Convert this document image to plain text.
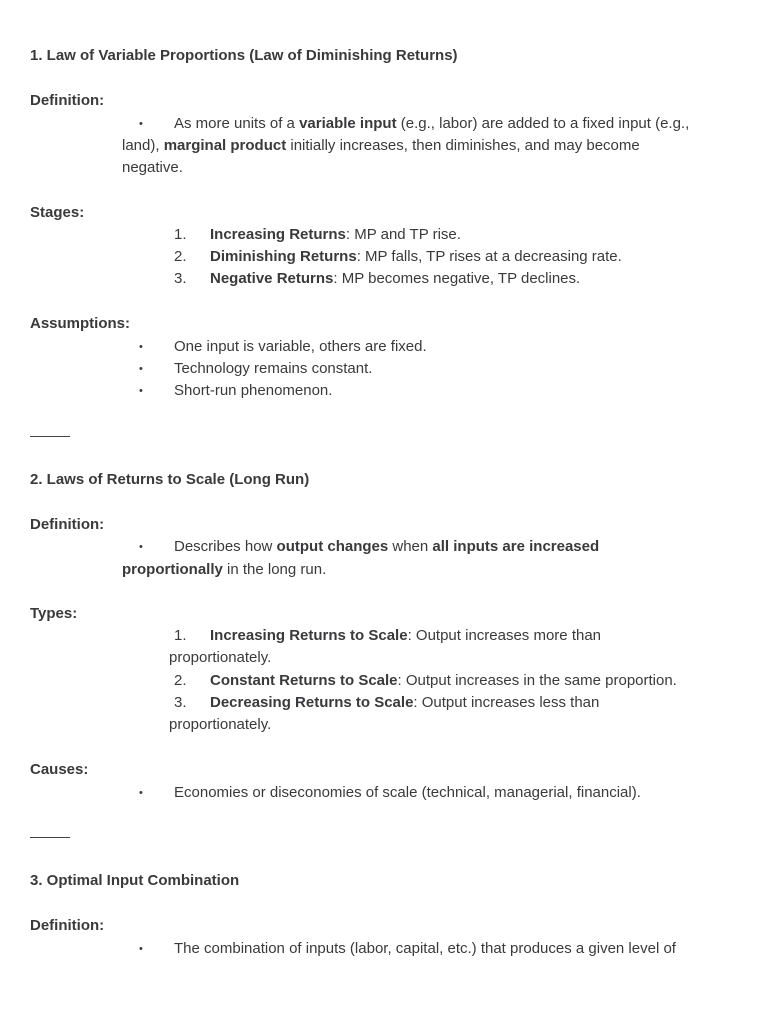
1. Law of Variable Proportions (Law of Diminishing Returns)
Definition:
• As more units of a variable input (e.g., labor) are added to a fixed input (e.g.,
land), marginal product initially increases, then diminishes, and may become
negative.
Stages:
1. Increasing Returns: MP and TP rise.
2. Diminishing Returns: MP falls, TP rises at a decreasing rate.
3. Negative Returns: MP becomes negative, TP declines.
Assumptions:
• One input is variable, others are fixed.
• Technology remains constant.
• Short-run phenomenon.
2. Laws of Returns to Scale (Long Run)
Definition:
• Describes how output changes when all inputs are increased
proportionally in the long run.
Types:
1. Increasing Returns to Scale: Output increases more than
proportionately.
2. Constant Returns to Scale: Output increases in the same proportion.
3. Decreasing Returns to Scale: Output increases less than
proportionately.
Causes:
• Economies or diseconomies of scale (technical, managerial, financial).
3. Optimal Input Combination
Definition:
• The combination of inputs (labor, capital, etc.) that produces a given level of
